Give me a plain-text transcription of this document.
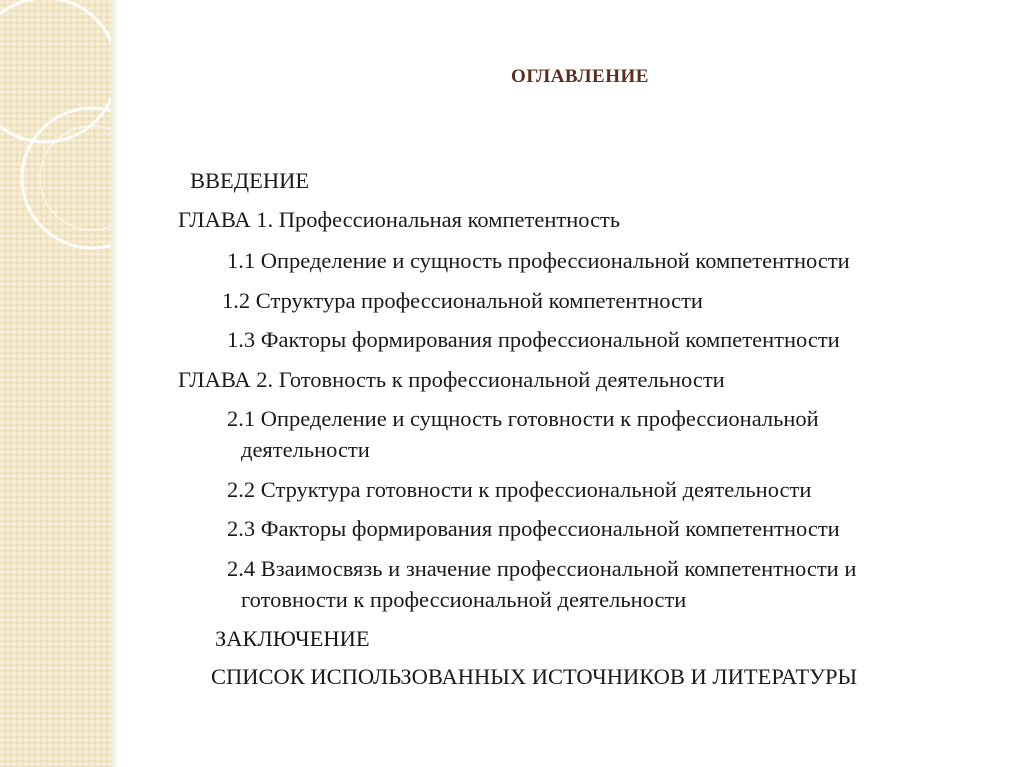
ОГЛАВЛЕНИЕ
ВВЕДЕНИЕ
ГЛАВА 1. Профессиональная компетентность
1.1 Определение и сущность профессиональной компетентности
1.2 Структура профессиональной компетентности
1.3 Факторы формирования профессиональной компетентности
ГЛАВА 2. Готовность к профессиональной деятельности
2.1 Определение и сущность готовности к профессиональной
деятельности
2.2 Структура готовности к профессиональной деятельности
2.3 Факторы формирования профессиональной компетентности
2.4 Взаимосвязь и значение профессиональной компетентности и
готовности к профессиональной деятельности
ЗАКЛЮЧЕНИЕ
СПИСОК ИСПОЛЬЗОВАННЫХ ИСТОЧНИКОВ И ЛИТЕРАТУРЫ
